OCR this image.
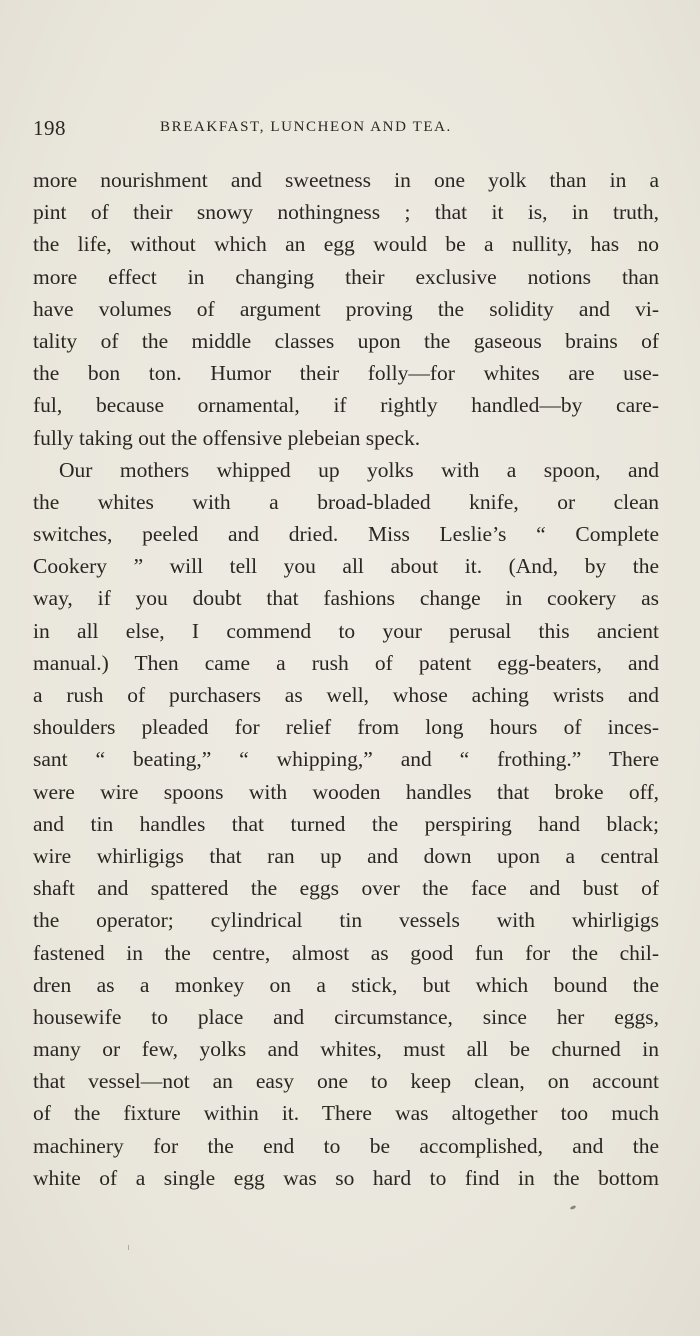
198	BREAKFAST, LUNCHEON AND TEA.
more nourishment and sweetness in one yolk than in a
pint of their snowy nothingness ; that it is, in truth,
the life, without which an egg would be a nullity, has no
more effect in changing their exclusive notions than
have volumes of argument proving the solidity and vi-
tality of the middle classes upon the gaseous brains of
the bon ton. Humor their folly—for whites are use-
ful, because ornamental, if rightly handled—by care-
fully taking out the offensive plebeian speck.
Our mothers whipped up yolks with a spoon, and
the whites with a broad-bladed knife, or clean
switches, peeled and dried. Miss Leslie’s “ Complete
Cookery ” will tell you all about it. (And, by the
way, if you doubt that fashions change in cookery as
in all else, I commend to your perusal this ancient
manual.) Then came a rush of patent egg-beaters, and
a rush of purchasers as well, whose aching wrists and
shoulders pleaded for relief from long hours of inces-
sant “ beating,” “ whipping,” and “ frothing.” There
were wire spoons with wooden handles that broke off,
and tin handles that turned the perspiring hand black;
wire whirligigs that ran up and down upon a central
shaft and spattered the eggs over the face and bust of
the operator; cylindrical tin vessels with whirligigs
fastened in the centre, almost as good fun for the chil-
dren as a monkey on a stick, but which bound the
housewife to place and circumstance, since her eggs,
many or few, yolks and whites, must all be churned in
that vessel—not an easy one to keep clean, on account
of the fixture within it. There was altogether too much
machinery for the end to be accomplished, and the
white of a single egg was so hard to find in the bottom
